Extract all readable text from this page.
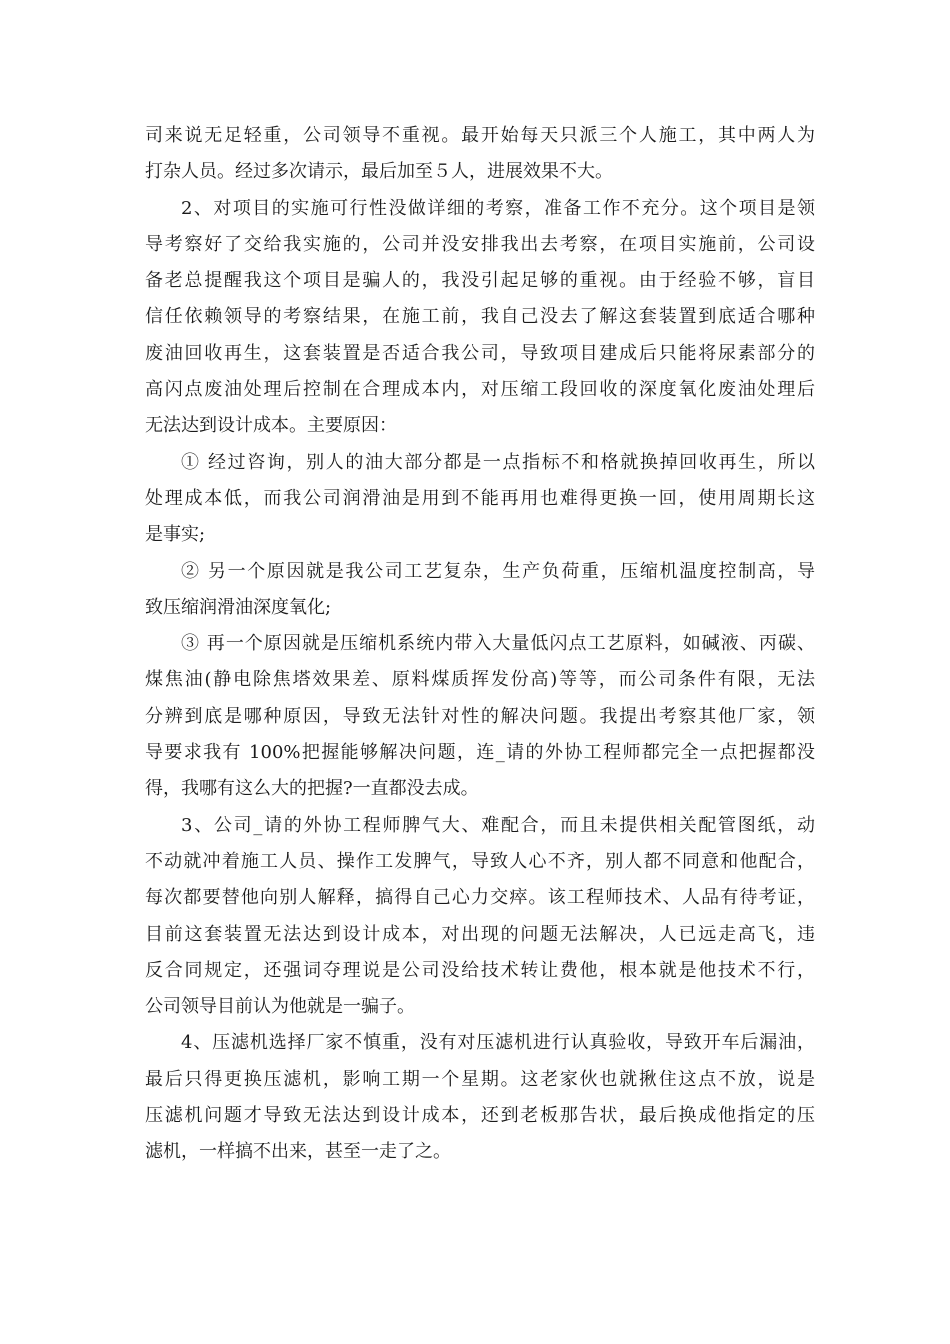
司来说无足轻重，公司领导不重视。最开始每天只派三个人施工，其中两人为
打杂人员。经过多次请示，最后加至５人，进展效果不大。
2、对项目的实施可行性没做详细的考察，准备工作不充分。这个项目是领
导考察好了交给我实施的，公司并没安排我出去考察，在项目实施前，公司设
备老总提醒我这个项目是骗人的，我没引起足够的重视。由于经验不够，盲目
信任依赖领导的考察结果，在施工前，我自己没去了解这套装置到底适合哪种
废油回收再生，这套装置是否适合我公司，导致项目建成后只能将尿素部分的
高闪点废油处理后控制在合理成本内，对压缩工段回收的深度氧化废油处理后
无法达到设计成本。主要原因：
① 经过咨询，别人的油大部分都是一点指标不和格就换掉回收再生，所以
处理成本低，而我公司润滑油是用到不能再用也难得更换一回，使用周期长这
是事实;
② 另一个原因就是我公司工艺复杂，生产负荷重，压缩机温度控制高，导
致压缩润滑油深度氧化;
③ 再一个原因就是压缩机系统内带入大量低闪点工艺原料，如碱液、丙碳、
煤焦油(静电除焦塔效果差、原料煤质挥发份高)等等，而公司条件有限，无法
分辨到底是哪种原因，导致无法针对性的解决问题。我提出考察其他厂家，领
导要求我有 100%把握能够解决问题，连_请的外协工程师都完全一点把握都没
得，我哪有这么大的把握?一直都没去成。
3、公司_请的外协工程师脾气大、难配合，而且未提供相关配管图纸，动
不动就冲着施工人员、操作工发脾气，导致人心不齐，别人都不同意和他配合，
每次都要替他向别人解释，搞得自己心力交瘁。该工程师技术、人品有待考证，
目前这套装置无法达到设计成本，对出现的问题无法解决，人已远走高飞，违
反合同规定，还强词夺理说是公司没给技术转让费他，根本就是他技术不行，
公司领导目前认为他就是一骗子。
4、压滤机选择厂家不慎重，没有对压滤机进行认真验收，导致开车后漏油，
最后只得更换压滤机，影响工期一个星期。这老家伙也就揪住这点不放，说是
压滤机问题才导致无法达到设计成本，还到老板那告状，最后换成他指定的压
滤机，一样搞不出来，甚至一走了之。
